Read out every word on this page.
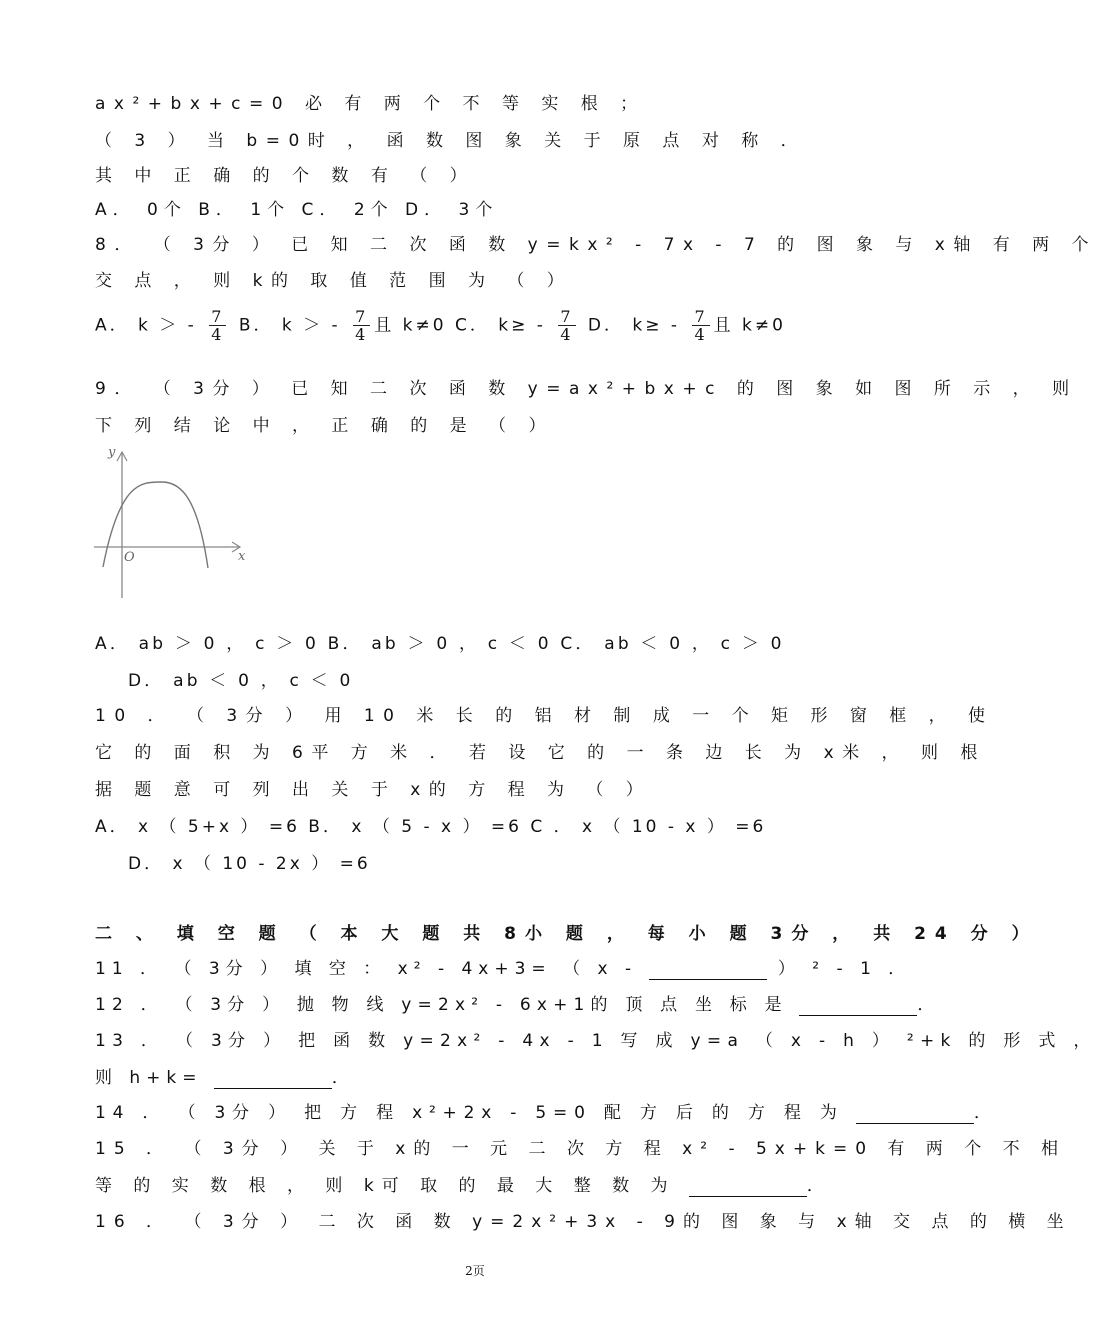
ax²+bx+c=0 必 有 两 个 不 等 实 根 ；
（ 3 ） 当 b=0时 ， 函 数 图 象 关 于 原 点 对 称 ．
其 中 正 确 的 个 数 有 （ ）
A． 0个 B． 1个 C． 2个 D． 3个
8． （ 3分 ） 已 知 二 次 函 数 y=kx² - 7x - 7 的 图 象 与 x轴 有 两 个
交 点 ， 则 k的 取 值 范 围 为 （ ）
A． k ＞ - $\frac{7}{4}$ B． k ＞ - $\frac{7}{4}$ 且 k≠0 C． $k\ge - \frac{7}{4}$ D． $k\ge - \frac{7}{4}$ 且 k≠0
9． （ 3分 ） 已 知 二 次 函 数 y=ax²+bx+c 的 图 象 如 图 所 示 ， 则
下 列 结 论 中 ， 正 确 的 是 （ ）
x
y
O
A． ab ＞ 0 ， c ＞ 0 B． ab ＞ 0 ， c ＜ 0 C． ab ＜ 0 ， c ＞ 0
D． ab ＜ 0 ， c ＜ 0
10 ． （ 3分 ） 用 10 米 长 的 铝 材 制 成 一 个 矩 形 窗 框 ， 使
它 的 面 积 为 6平 方 米 ． 若 设 它 的 一 条 边 长 为 x米 ， 则 根
据 题 意 可 列 出 关 于 x的 方 程 为 （ ）
A． x （ 5+x ） =6 B． x （ 5 - x ） =6 C ． x （ 10 - x ） =6
D． x （ 10 - 2x ） =6
二 、 填 空 题 （ 本 大 题 共 8小 题 ， 每 小 题 3分 ， 共 24 分 ）
11 ． （ 3分 ） 填 空 ： x² - 4x+3= （ x -	） ² - 1 ．
12 ． （ 3分 ） 抛 物 线 y=2x² - 6x+1的 顶 点 坐 标 是	．
13 ． （ 3分 ） 把 函 数 y=2x² - 4x - 1 写 成 y=a （ x - h ） ²+k 的 形 式 ，
则 h+k=	．
14 ． （ 3分 ） 把 方 程 x²+2x - 5=0 配 方 后 的 方 程 为	．
15 ． （ 3分 ） 关 于 x的 一 元 二 次 方 程 x² - 5x+k=0 有 两 个 不 相
等 的 实 数 根 ， 则 k可 取 的 最 大 整 数 为	．
16 ． （ 3分 ） 二 次 函 数 y=2x²+3x - 9的 图 象 与 x轴 交 点 的 横 坐
2页
